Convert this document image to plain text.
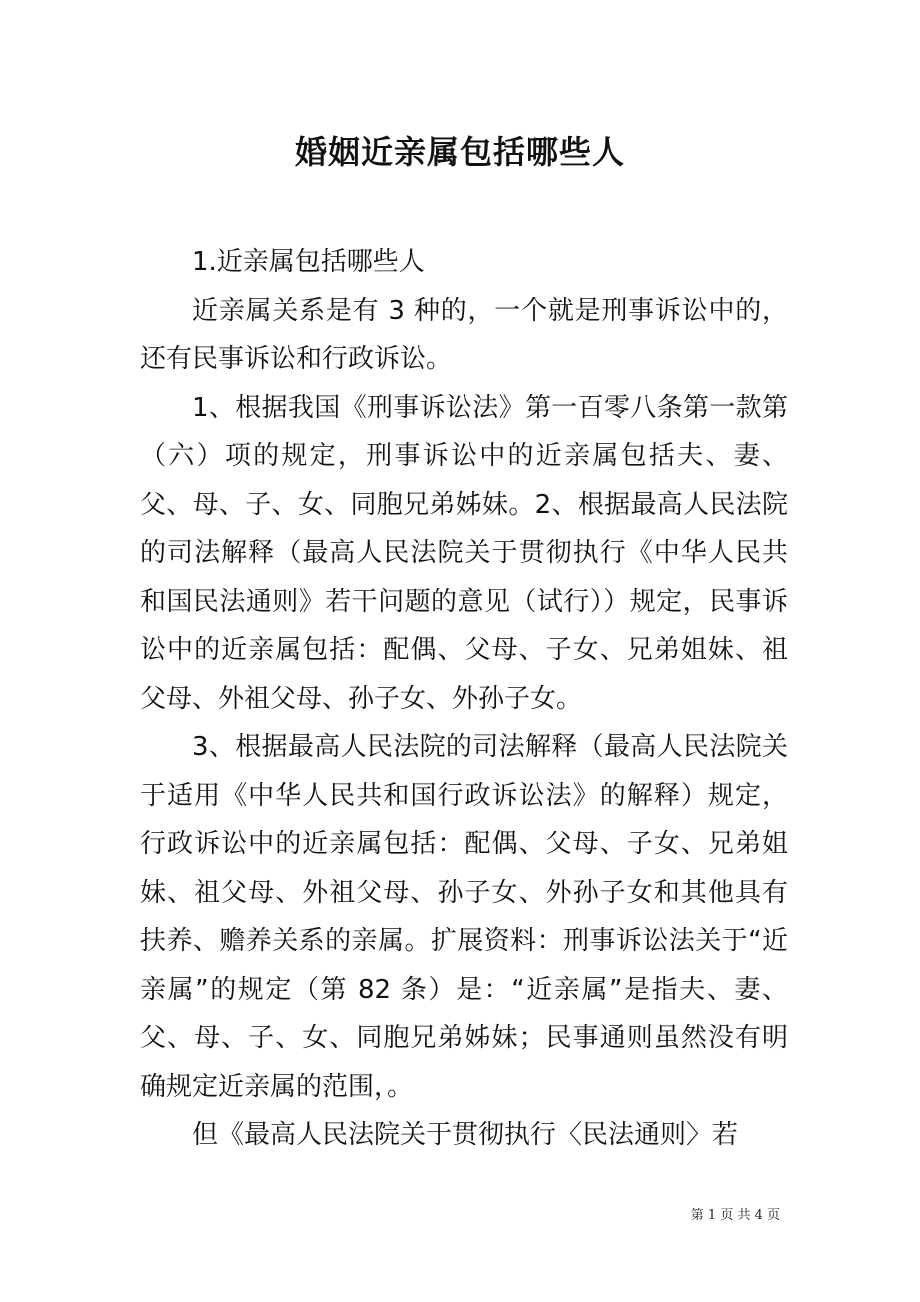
婚姻近亲属包括哪些人

1.近亲属包括哪些人

近亲属关系是有 3 种的，一个就是刑事诉讼中的，还有民事诉讼和行政诉讼。

1、根据我国《刑事诉讼法》第一百零八条第一款第（六）项的规定，刑事诉讼中的近亲属包括夫、妻、父、母、子、女、同胞兄弟姊妹。2、根据最高人民法院的司法解释（最高人民法院关于贯彻执行《中华人民共和国民法通则》若干问题的意见（试行））规定，民事诉讼中的近亲属包括：配偶、父母、子女、兄弟姐妹、祖父母、外祖父母、孙子女、外孙子女。

3、根据最高人民法院的司法解释（最高人民法院关于适用《中华人民共和国行政诉讼法》的解释）规定，行政诉讼中的近亲属包括：配偶、父母、子女、兄弟姐妹、祖父母、外祖父母、孙子女、外孙子女和其他具有扶养、赡养关系的亲属。扩展资料：刑事诉讼法关于“近亲属”的规定（第 82 条）是：“近亲属”是指夫、妻、父、母、子、女、同胞兄弟姊妹；民事通则虽然没有明确规定近亲属的范围，。

但《最高人民法院关于贯彻执行〈民法通则〉若

第 1 页 共 4 页
